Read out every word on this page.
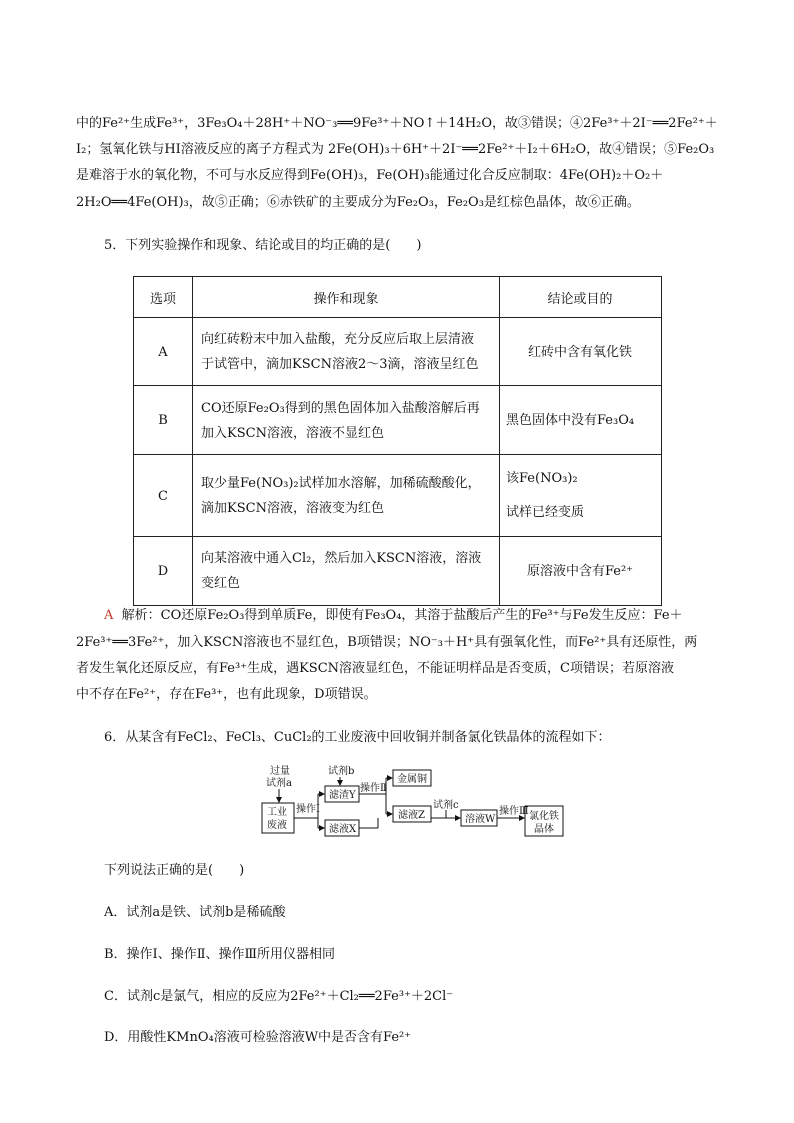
中的Fe²⁺生成Fe³⁺，3Fe₃O₄＋28H⁺＋NO⁻₃══9Fe³⁺＋NO↑＋14H₂O，故③错误；④2Fe³⁺＋2I⁻══2Fe²⁺＋
I₂；氢氧化铁与HI溶液反应的离子方程式为 2Fe(OH)₃＋6H⁺＋2I⁻══2Fe²⁺＋I₂＋6H₂O，故④错误；⑤Fe₂O₃
是难溶于水的氧化物，不可与水反应得到Fe(OH)₃，Fe(OH)₃能通过化合反应制取：4Fe(OH)₂＋O₂＋
2H₂O══4Fe(OH)₃，故⑤正确；⑥赤铁矿的主要成分为Fe₂O₃，Fe₂O₃是红棕色晶体，故⑥正确。
5．下列实验操作和现象、结论或目的均正确的是(　　)
选项	操作和现象	结论或目的
A
向红砖粉末中加入盐酸，充分反应后取上层清液
于试管中，滴加KSCN溶液2～3滴，溶液呈红色
红砖中含有氧化铁
B
CO还原Fe₂O₃得到的黑色固体加入盐酸溶解后再
加入KSCN溶液，溶液不显红色
黑色固体中没有Fe₃O₄
C
取少量Fe(NO₃)₂试样加水溶解，加稀硫酸酸化，
滴加KSCN溶液，溶液变为红色
该Fe(NO₃)₂
试样已经变质
D
向某溶液中通入Cl₂，然后加入KSCN溶液，溶液
变红色
原溶液中含有Fe²⁺
A 解析：CO还原Fe₂O₃得到单质Fe，即使有Fe₃O₄，其溶于盐酸后产生的Fe³⁺与Fe发生反应：Fe＋
2Fe³⁺══3Fe²⁺，加入KSCN溶液也不显红色，B项错误；NO⁻₃＋H⁺具有强氧化性，而Fe²⁺具有还原性，两
者发生氧化还原反应，有Fe³⁺生成，遇KSCN溶液显红色，不能证明样品是否变质，C项错误；若原溶液
中不存在Fe²⁺，存在Fe³⁺，也有此现象，D项错误。
6．从某含有FeCl₂、FeCl₃、CuCl₂的工业废液中回收铜并制备氯化铁晶体的流程如下：
过量
试剂a
工业
废液
操作Ⅰ
试剂b
滤渣Y
滤液X
操作Ⅱ
金属铜
滤液Z
试剂c
溶液W
操作Ⅲ 氯化铁
晶体
下列说法正确的是(　　)
A．试剂a是铁、试剂b是稀硫酸
B．操作Ⅰ、操作Ⅱ、操作Ⅲ所用仪器相同
C．试剂c是氯气，相应的反应为2Fe²⁺＋Cl₂══2Fe³⁺＋2Cl⁻
D．用酸性KMnO₄溶液可检验溶液W中是否含有Fe²⁺
